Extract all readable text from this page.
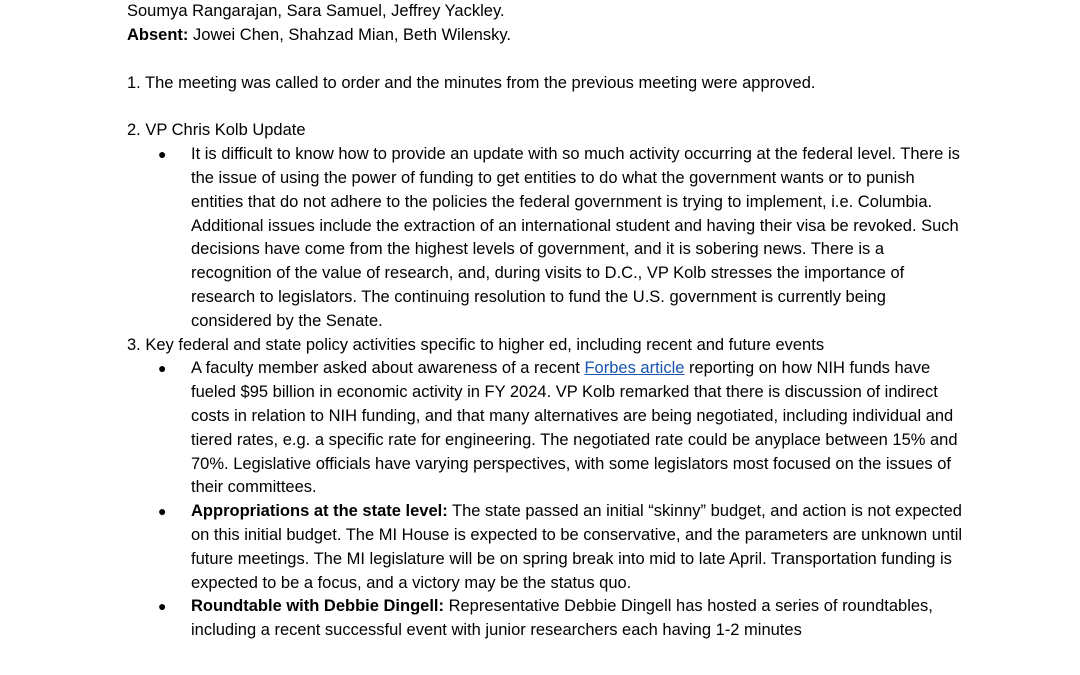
Soumya Rangarajan, Sara Samuel, Jeffrey Yackley.

Absent: Jowei Chen, Shahzad Mian, Beth Wilensky.

1. The meeting was called to order and the minutes from the previous meeting were approved.

2. VP Chris Kolb Update

● It is difficult to know how to provide an update with so much activity occurring at the federal level. There is the issue of using the power of funding to get entities to do what the government wants or to punish entities that do not adhere to the policies the federal government is trying to implement, i.e. Columbia. Additional issues include the extraction of an international student and having their visa be revoked. Such decisions have come from the highest levels of government, and it is sobering news. There is a recognition of the value of research, and, during visits to D.C., VP Kolb stresses the importance of research to legislators. The continuing resolution to fund the U.S. government is currently being considered by the Senate.

3. Key federal and state policy activities specific to higher ed, including recent and future events

● A faculty member asked about awareness of a recent Forbes article reporting on how NIH funds have fueled $95 billion in economic activity in FY 2024. VP Kolb remarked that there is discussion of indirect costs in relation to NIH funding, and that many alternatives are being negotiated, including individual and tiered rates, e.g. a specific rate for engineering. The negotiated rate could be anyplace between 15% and 70%. Legislative officials have varying perspectives, with some legislators most focused on the issues of their committees.
● Appropriations at the state level: The state passed an initial “skinny” budget, and action is not expected on this initial budget. The MI House is expected to be conservative, and the parameters are unknown until future meetings. The MI legislature will be on spring break into mid to late April. Transportation funding is expected to be a focus, and a victory may be the status quo.
● Roundtable with Debbie Dingell: Representative Debbie Dingell has hosted a series of roundtables, including a recent successful event with junior researchers each having 1-2 minutes
